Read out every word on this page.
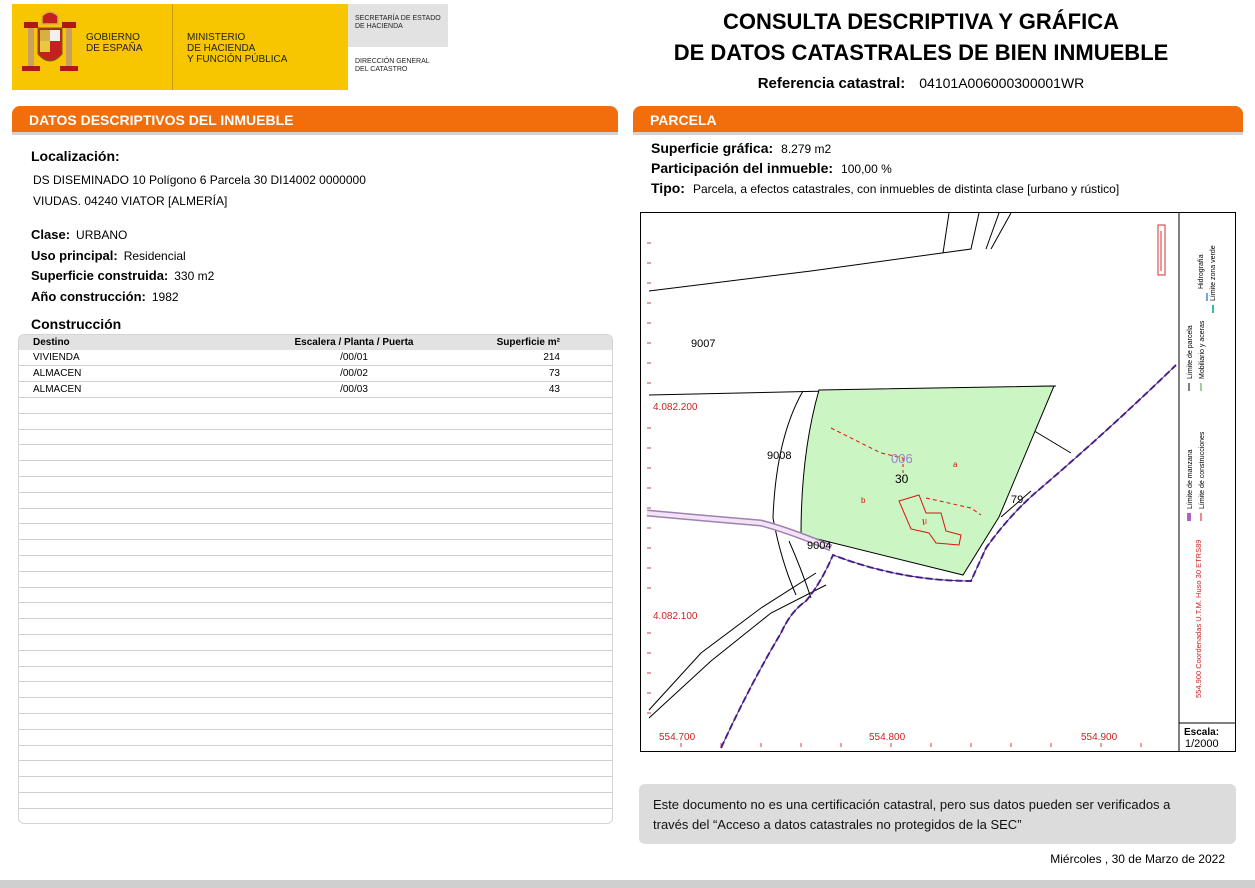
GOBIERNO
DE ESPAÑA
MINISTERIO
DE HACIENDA
Y FUNCIÓN PÚBLICA
SECRETARÍA DE ESTADO
DE HACIENDA
DIRECCIÓN GENERAL
DEL CATASTRO
CONSULTA DESCRIPTIVA Y GRÁFICA
DE DATOS CATASTRALES DE BIEN INMUEBLE
Referencia catastral: 04101A006000300001WR
DATOS DESCRIPTIVOS DEL INMUEBLE	PARCELA
Localización:
DS DISEMINADO 10 Polígono 6 Parcela 30 DI14002 0000000
VIUDAS. 04240 VIATOR [ALMERÍA]
Clase: URBANO
Uso principal: Residencial
Superficie construida: 330 m2
Año construcción: 1982
Construcción
Destino	Escalera / Planta / Puerta	Superficie m²
VIVIENDA	/00/01	214
ALMACEN	/00/02	73
ALMACEN	/00/03	43
Superficie gráfica: 8.279 m2
Participación del inmueble: 100,00 %
Tipo: Parcela, a efectos catastrales, con inmuebles de distinta clase [urbano y rústico]
9007
9008
9004
006
30
79
a
b
I
4.082.200
4.082.100
554.700	554.800	554.900
Hidrografía Límite zona verde
Límite de parcela Mobiliario y aceras
Límite de manzana Límite de construcciones
554.900 Coordenadas U.T.M. Huso 30 ETRS89
Escala:
1/2000
Este documento no es una certificación catastral, pero sus datos pueden ser verificados a
través del “Acceso a datos catastrales no protegidos de la SEC”
Miércoles , 30 de Marzo de 2022
